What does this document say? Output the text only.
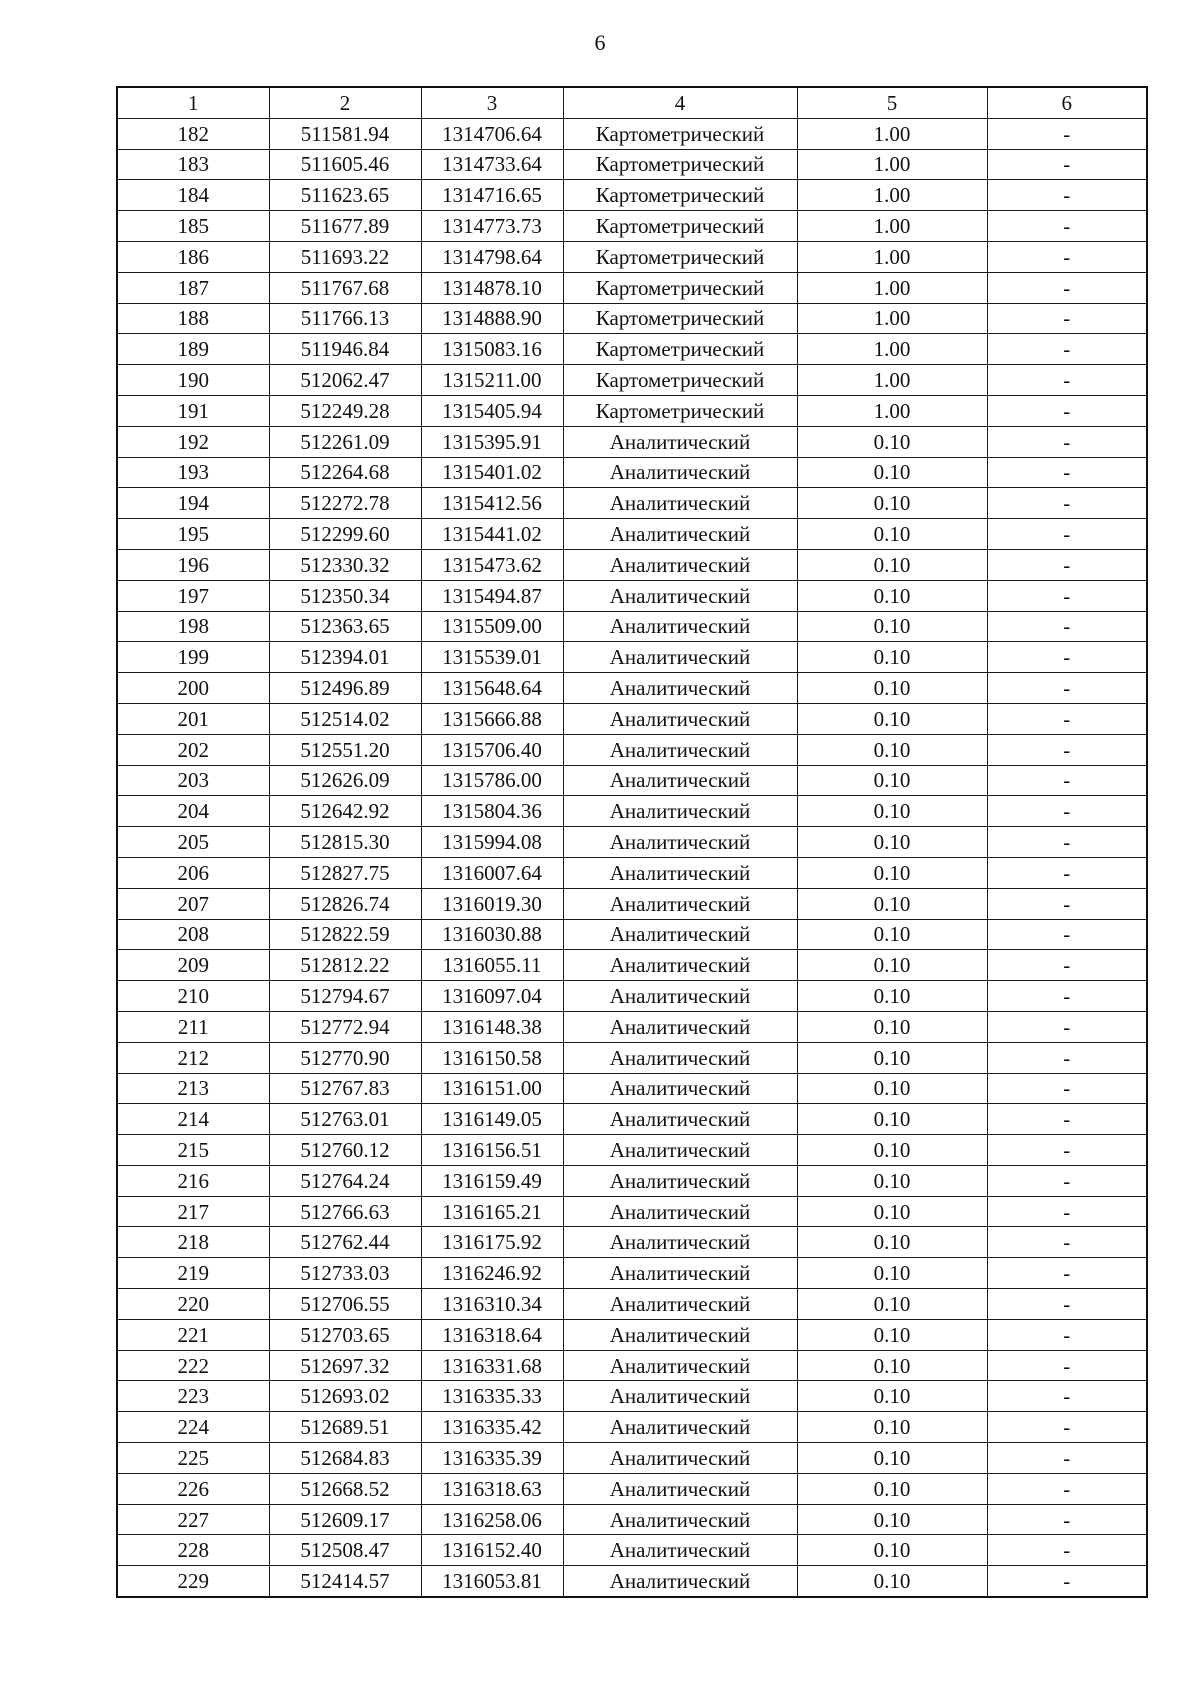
6
1	2	3	4	5	6
182	511581.94	1314706.64	Картометрический	1.00	-
183	511605.46	1314733.64	Картометрический	1.00	-
184	511623.65	1314716.65	Картометрический	1.00	-
185	511677.89	1314773.73	Картометрический	1.00	-
186	511693.22	1314798.64	Картометрический	1.00	-
187	511767.68	1314878.10	Картометрический	1.00	-
188	511766.13	1314888.90	Картометрический	1.00	-
189	511946.84	1315083.16	Картометрический	1.00	-
190	512062.47	1315211.00	Картометрический	1.00	-
191	512249.28	1315405.94	Картометрический	1.00	-
192	512261.09	1315395.91	Аналитический	0.10	-
193	512264.68	1315401.02	Аналитический	0.10	-
194	512272.78	1315412.56	Аналитический	0.10	-
195	512299.60	1315441.02	Аналитический	0.10	-
196	512330.32	1315473.62	Аналитический	0.10	-
197	512350.34	1315494.87	Аналитический	0.10	-
198	512363.65	1315509.00	Аналитический	0.10	-
199	512394.01	1315539.01	Аналитический	0.10	-
200	512496.89	1315648.64	Аналитический	0.10	-
201	512514.02	1315666.88	Аналитический	0.10	-
202	512551.20	1315706.40	Аналитический	0.10	-
203	512626.09	1315786.00	Аналитический	0.10	-
204	512642.92	1315804.36	Аналитический	0.10	-
205	512815.30	1315994.08	Аналитический	0.10	-
206	512827.75	1316007.64	Аналитический	0.10	-
207	512826.74	1316019.30	Аналитический	0.10	-
208	512822.59	1316030.88	Аналитический	0.10	-
209	512812.22	1316055.11	Аналитический	0.10	-
210	512794.67	1316097.04	Аналитический	0.10	-
211	512772.94	1316148.38	Аналитический	0.10	-
212	512770.90	1316150.58	Аналитический	0.10	-
213	512767.83	1316151.00	Аналитический	0.10	-
214	512763.01	1316149.05	Аналитический	0.10	-
215	512760.12	1316156.51	Аналитический	0.10	-
216	512764.24	1316159.49	Аналитический	0.10	-
217	512766.63	1316165.21	Аналитический	0.10	-
218	512762.44	1316175.92	Аналитический	0.10	-
219	512733.03	1316246.92	Аналитический	0.10	-
220	512706.55	1316310.34	Аналитический	0.10	-
221	512703.65	1316318.64	Аналитический	0.10	-
222	512697.32	1316331.68	Аналитический	0.10	-
223	512693.02	1316335.33	Аналитический	0.10	-
224	512689.51	1316335.42	Аналитический	0.10	-
225	512684.83	1316335.39	Аналитический	0.10	-
226	512668.52	1316318.63	Аналитический	0.10	-
227	512609.17	1316258.06	Аналитический	0.10	-
228	512508.47	1316152.40	Аналитический	0.10	-
229	512414.57	1316053.81	Аналитический	0.10	-
